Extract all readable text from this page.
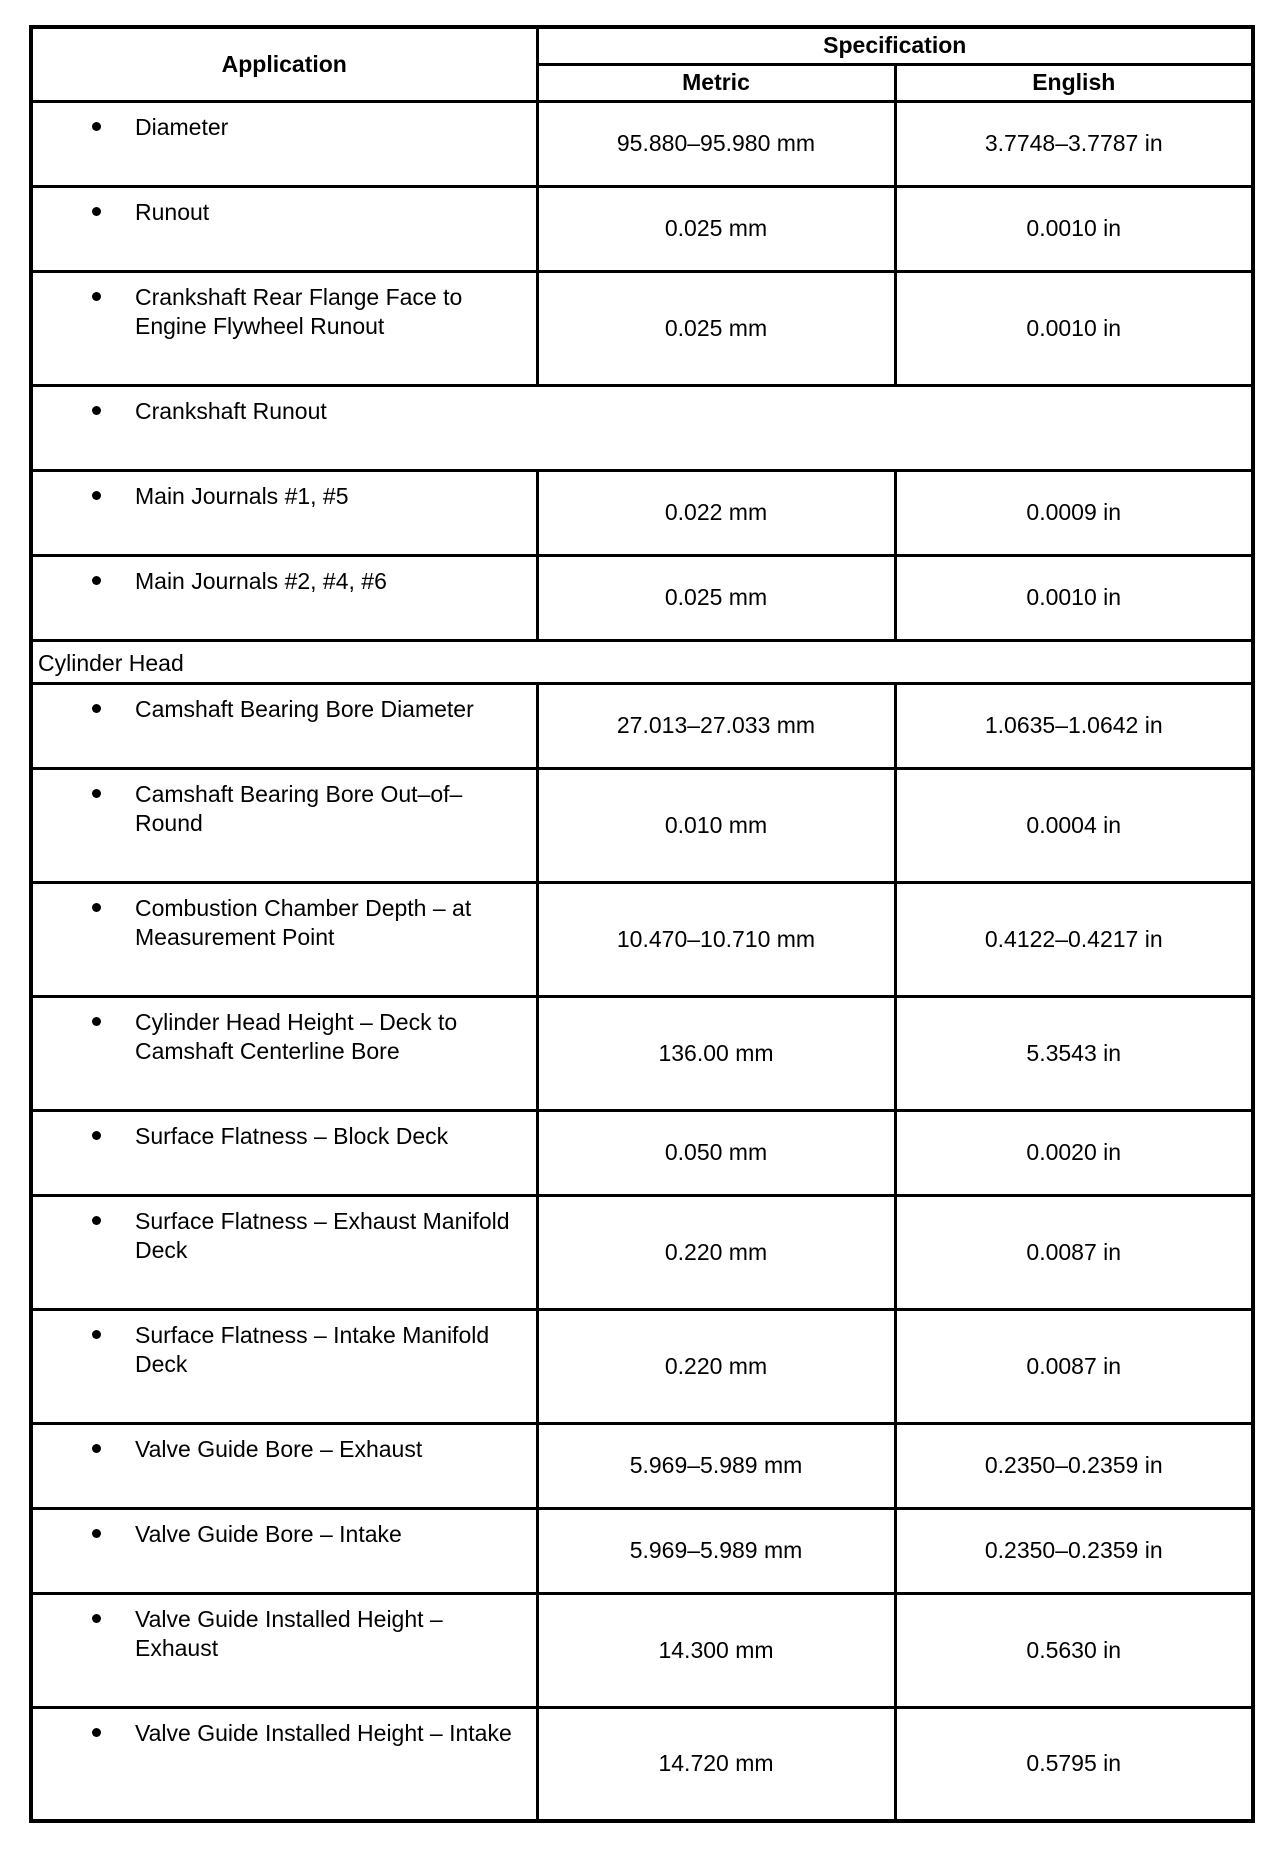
Application	Specification	
	Metric	English

Diameter	95.880–95.980 mm	3.7748–3.7787 in

Runout	0.025 mm	0.0010 in

Crankshaft Rear Flange Face to Engine Flywheel Runout	0.025 mm	0.0010 in

Crankshaft Runout		

Main Journals #1, #5	0.022 mm	0.0009 in

Main Journals #2, #4, #6	0.025 mm	0.0010 in
Cylinder Head		

Camshaft Bearing Bore Diameter	27.013–27.033 mm	1.0635–1.0642 in

Camshaft Bearing Bore Out–of–Round	0.010 mm	0.0004 in

Combustion Chamber Depth – at Measurement Point	10.470–10.710 mm	0.4122–0.4217 in

Cylinder Head Height – Deck to Camshaft Centerline Bore	136.00 mm	5.3543 in

Surface Flatness – Block Deck	0.050 mm	0.0020 in

Surface Flatness – Exhaust Manifold Deck	0.220 mm	0.0087 in

Surface Flatness – Intake Manifold Deck	0.220 mm	0.0087 in

Valve Guide Bore – Exhaust	5.969–5.989 mm	0.2350–0.2359 in

Valve Guide Bore – Intake	5.969–5.989 mm	0.2350–0.2359 in

Valve Guide Installed Height – Exhaust	14.300 mm	0.5630 in

Valve Guide Installed Height – Intake	14.720 mm	0.5795 in
